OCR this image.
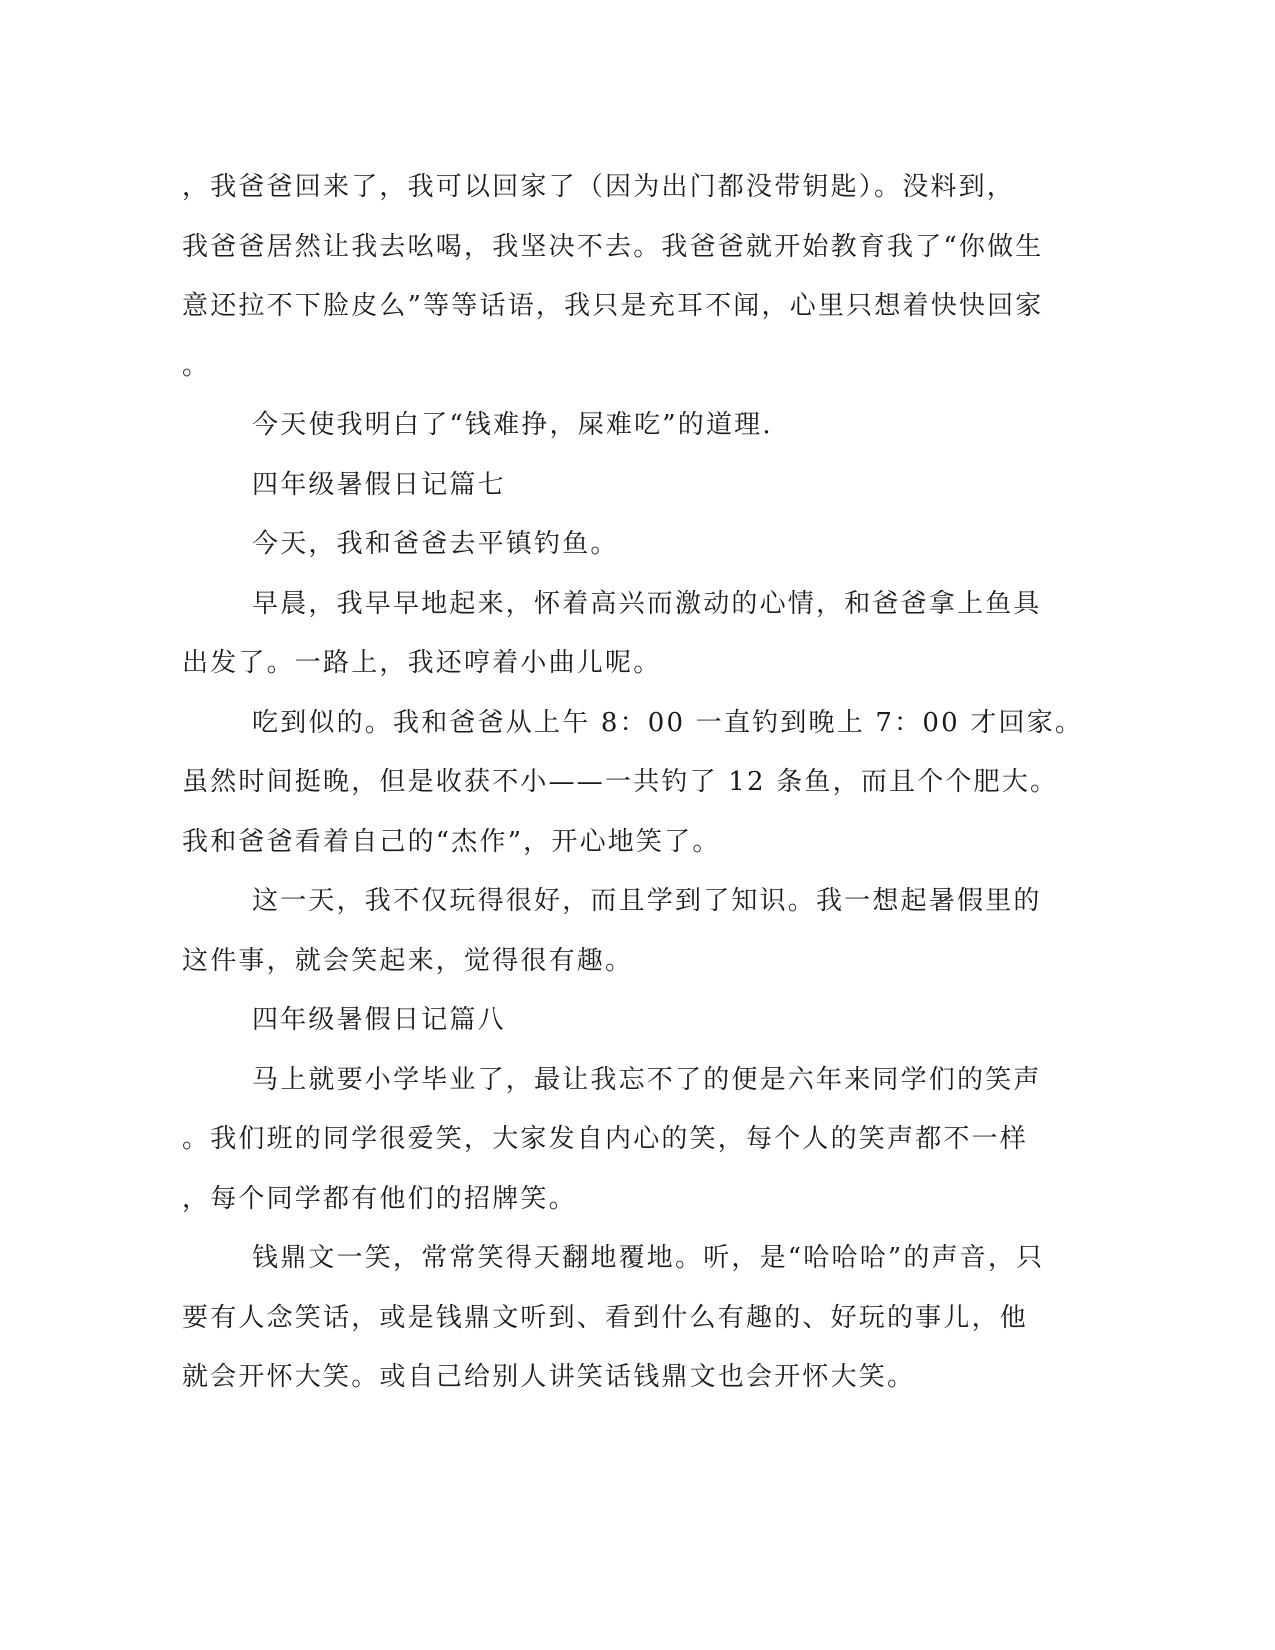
，我爸爸回来了，我可以回家了（因为出门都没带钥匙）。没料到，
我爸爸居然让我去吆喝，我坚决不去。我爸爸就开始教育我了“你做生
意还拉不下脸皮么”等等话语，我只是充耳不闻，心里只想着快快回家
。
今天使我明白了“钱难挣，屎难吃”的道理.
四年级暑假日记篇七
今天，我和爸爸去平镇钓鱼。
早晨，我早早地起来，怀着高兴而激动的心情，和爸爸拿上鱼具
出发了。一路上，我还哼着小曲儿呢。
吃到似的。我和爸爸从上午 8：00 一直钓到晚上 7：00 才回家。
虽然时间挺晚，但是收获不小——一共钓了 12 条鱼，而且个个肥大。
我和爸爸看着自己的“杰作”，开心地笑了。
这一天，我不仅玩得很好，而且学到了知识。我一想起暑假里的
这件事，就会笑起来，觉得很有趣。
四年级暑假日记篇八
马上就要小学毕业了，最让我忘不了的便是六年来同学们的笑声
。我们班的同学很爱笑，大家发自内心的笑，每个人的笑声都不一样
，每个同学都有他们的招牌笑。
钱鼎文一笑，常常笑得天翻地覆地。听，是“哈哈哈”的声音，只
要有人念笑话，或是钱鼎文听到、看到什么有趣的、好玩的事儿，他
就会开怀大笑。或自己给别人讲笑话钱鼎文也会开怀大笑。
